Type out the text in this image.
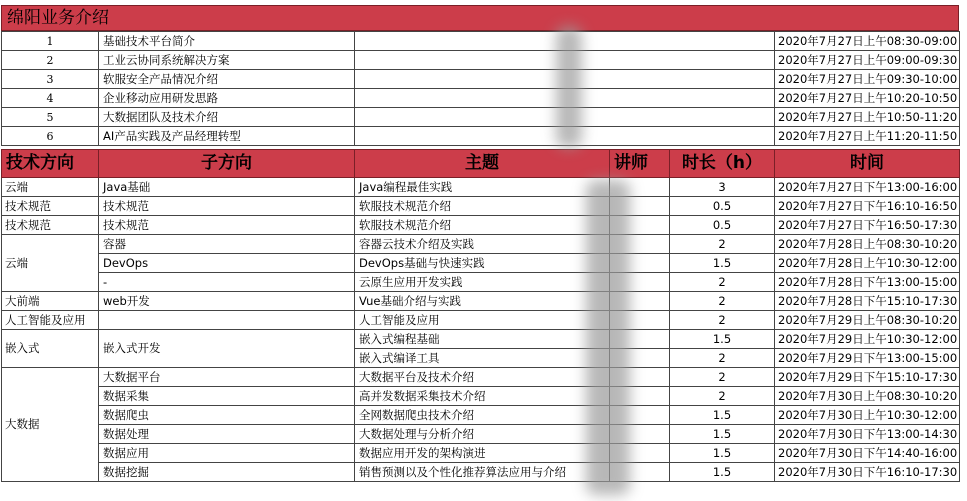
绵阳业务介绍
1	基础技术平台简介		2020年7月27日上午08:30-09:00
2	工业云协同系统解决方案		2020年7月27日上午09:00-09:30
3	软服安全产品情况介绍		2020年7月27日上午09:30-10:00
4	企业移动应用研发思路		2020年7月27日上午10:20-10:50
5	大数据团队及技术介绍		2020年7月27日上午10:50-11:20
6	AI产品实践及产品经理转型		2020年7月27日上午11:20-11:50
技术方向	子方向	主题	讲师	时长（h）	时间
云端	Java基础	Java编程最佳实践		3	2020年7月27日下午13:00-16:00
技术规范	技术规范	软服技术规范介绍		0.5	2020年7月27日下午16:10-16:50
技术规范	技术规范	软服技术规范介绍		0.5	2020年7月27日下午16:50-17:30
云端	容器	容器云技术介绍及实践		2	2020年7月28日上午08:30-10:20
	DevOps	DevOps基础与快速实践		1.5	2020年7月28日上午10:30-12:00
	-	云原生应用开发实践		2	2020年7月28日下午13:00-15:00
大前端	web开发	Vue基础介绍与实践		2	2020年7月28日下午15:10-17:30
人工智能及应用		人工智能及应用		2	2020年7月29日上午08:30-10:20
嵌入式	嵌入式开发	嵌入式编程基础		1.5	2020年7月29日上午10:30-12:00
		嵌入式编译工具		2	2020年7月29日下午13:00-15:00
大数据	大数据平台	大数据平台及技术介绍		2	2020年7月29日下午15:10-17:30
	数据采集	高并发数据采集技术介绍		2	2020年7月30日上午08:30-10:20
	数据爬虫	全网数据爬虫技术介绍		1.5	2020年7月30日上午10:30-12:00
	数据处理	大数据处理与分析介绍		1.5	2020年7月30日下午13:00-14:30
	数据应用	数据应用开发的架构演进		1.5	2020年7月30日下午14:40-16:00
	数据挖掘	销售预测以及个性化推荐算法应用与介绍		1.5	2020年7月30日下午16:10-17:30
